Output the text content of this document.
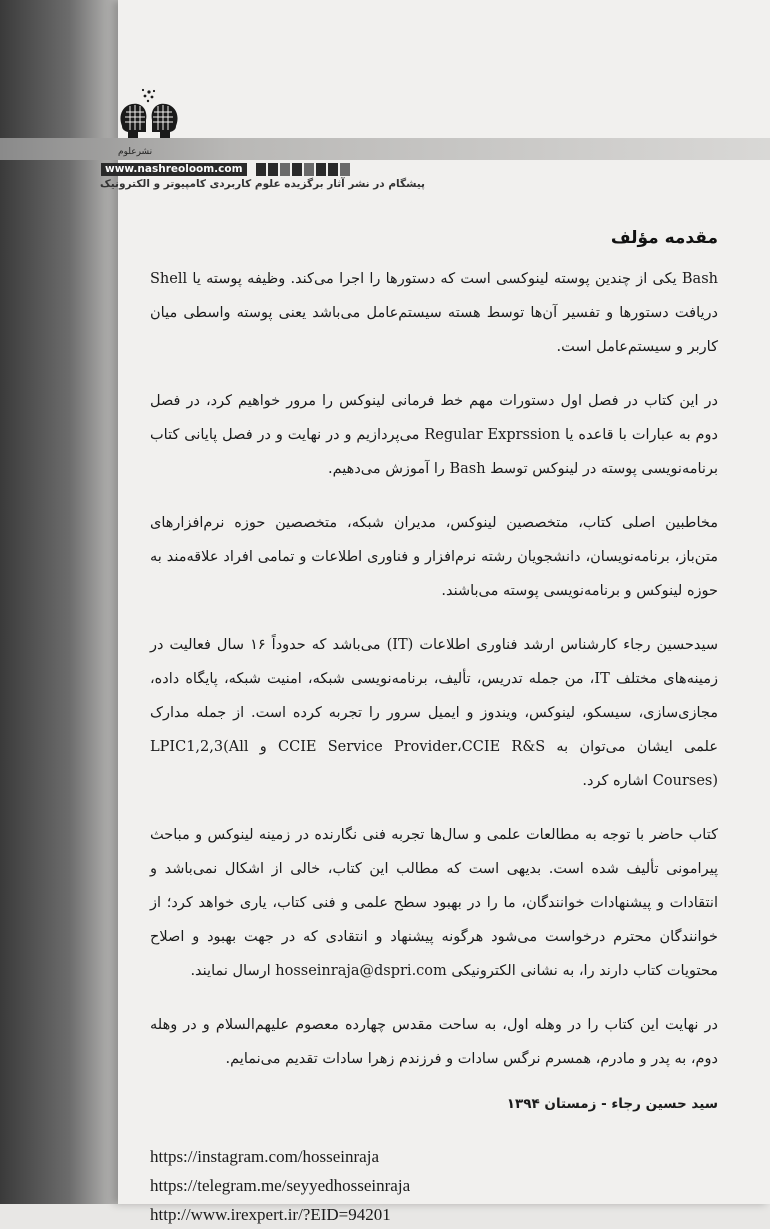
نشرعلوم
www.nashreoloom.com
پیشگام در نشر آثار برگزیده علوم کاربردی کامپیوتر و الکترونیک
مقدمه مؤلف

Bash یکی از چندین پوسته لینوکسی است که دستورها را اجرا می‌کند. وظیفه پوسته یا Shell دریافت دستورها و تفسیر آن‌ها توسط هسته سیستم‌عامل می‌باشد یعنی پوسته واسطی میان کاربر و سیستم‌عامل است.

در این کتاب در فصل اول دستورات مهم خط فرمانی لینوکس را مرور خواهیم کرد، در فصل دوم به عبارات با قاعده یا Regular Exprssion می‌پردازیم و در نهایت و در فصل پایانی کتاب برنامه‌نویسی پوسته در لینوکس توسط Bash را آموزش می‌دهیم.

مخاطبین اصلی کتاب، متخصصین لینوکس، مدیران شبکه، متخصصین حوزه نرم‌افزارهای متن‌باز، برنامه‌نویسان، دانشجویان رشته نرم‌افزار و فناوری اطلاعات و تمامی افراد علاقه‌مند به حوزه لینوکس و برنامه‌نویسی پوسته می‌باشند.

سیدحسین رجاء کارشناس ارشد فناوری اطلاعات (IT) می‌باشد که حدوداً ۱۶ سال فعالیت در زمینه‌های مختلف IT، من جمله تدریس، تألیف، برنامه‌نویسی شبکه، امنیت شبکه، پایگاه داده، مجازی‌سازی، سیسکو، لینوکس، ویندوز و ایمیل سرور را تجربه کرده است. از جمله مدارک علمی ایشان می‌توان به CCIE Service Provider،CCIE R&S و LPIC1,2,3(All Courses) اشاره کرد.

کتاب حاضر با توجه به مطالعات علمی و سال‌ها تجربه فنی نگارنده در زمینه لینوکس و مباحث پیرامونی تألیف شده است. بدیهی است که مطالب این کتاب، خالی از اشکال نمی‌باشد و انتقادات و پیشنهادات خوانندگان، ما را در بهبود سطح علمی و فنی کتاب، یاری خواهد کرد؛ از خوانندگان محترم درخواست می‌شود هرگونه پیشنهاد و انتقادی که در جهت بهبود و اصلاح محتویات کتاب دارند را، به نشانی الکترونیکی hosseinraja@dspri.com ارسال نمایند.

در نهایت این کتاب را در وهله اول، به ساحت مقدس چهارده معصوم علیهم‌السلام و در وهله دوم، به پدر و مادرم، همسرم نرگس سادات و فرزندم زهرا سادات تقدیم می‌نمایم.

سید حسین رجاء - زمستان ۱۳۹۴
https://instagram.com/hosseinraja
https://telegram.me/seyyedhosseinraja
http://www.irexpert.ir/?EID=94201
